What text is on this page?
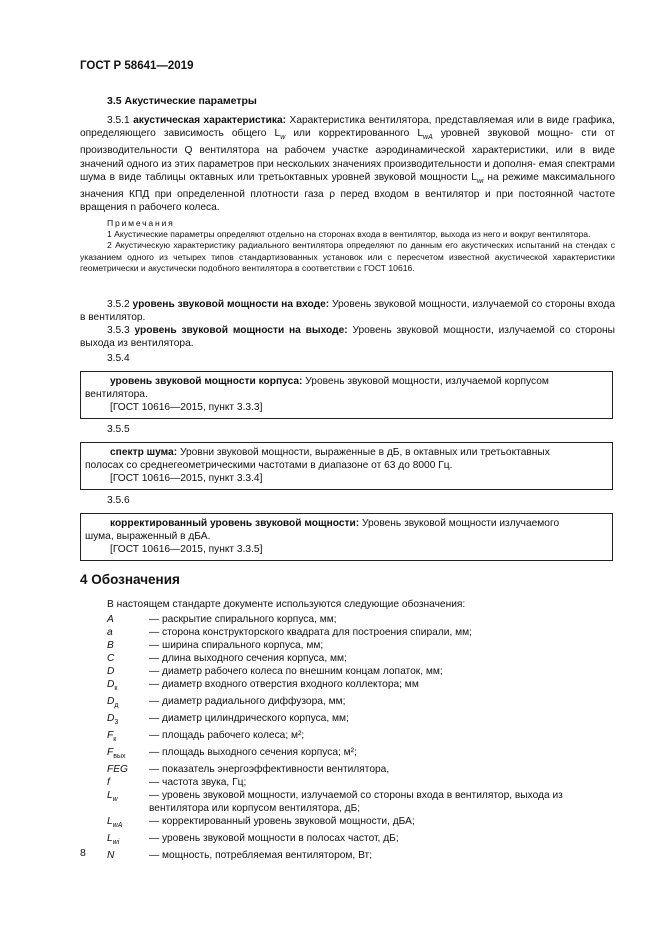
ГОСТ Р 58641—2019
3.5 Акустические параметры
3.5.1 акустическая характеристика: Характеристика вентилятора, представляемая или в виде графика, определяющего зависимость общего $L_w$ или корректированного $L_{wA}$ уровней звуковой мощно- сти от производительности Q вентилятора на рабочем участке аэродинамической характеристики, или в виде значений одного из этих параметров при нескольких значениях производительности и дополня- емая спектрами шума в виде таблицы октавных или третьоктавных уровней звуковой мощности $L_{wi}$ на режиме максимального значения КПД при определенной плотности газа ρ перед входом в вентилятор и при постоянной частоте вращения n рабочего колеса.
Примечания
1 Акустические параметры определяют отдельно на сторонах входа в вентилятор, выхода из него и вокруг вентилятора.
2 Акустическую характеристику радиального вентилятора определяют по данным его акустических испытаний на стендах с указанием одного из четырех типов стандартизованных установок или с пересчетом известной акустической характеристики геометрически и акустически подобного вентилятора в соответствии с ГОСТ 10616.
3.5.2 уровень звуковой мощности на входе: Уровень звуковой мощности, излучаемой со стороны входа в вентилятор.
3.5.3 уровень звуковой мощности на выходе: Уровень звуковой мощности, излучаемой со стороны выхода из вентилятора.
3.5.4
уровень звуковой мощности корпуса: Уровень звуковой мощности, излучаемой корпусом
вентилятора.
[ГОСТ 10616—2015, пункт 3.3.3]
3.5.5
спектр шума: Уровни звуковой мощности, выраженные в дБ, в октавных или третьоктавных
полосах со среднегеометрическими частотами в диапазоне от 63 до 8000 Гц.
[ГОСТ 10616—2015, пункт 3.3.4]
3.5.6
корректированный уровень звуковой мощности: Уровень звуковой мощности излучаемого
шума, выраженный в дБА.
[ГОСТ 10616—2015, пункт 3.3.5]
4 Обозначения
В настоящем стандарте документе используются следующие обозначения:
A	— раскрытие спирального корпуса, мм;
a	— сторона конструкторского квадрата для построения спирали, мм;
B	— ширина спирального корпуса, мм;
C	— длина выходного сечения корпуса, мм;
D	— диаметр рабочего колеса по внешним концам лопаток, мм;
$D_к$	— диаметр входного отверстия входного коллектора; мм
$D_д$	— диаметр радиального диффузора, мм;
$D_3$	— диаметр цилиндрического корпуса, мм;
$F_к$	— площадь рабочего колеса; м²;
$F_{вых}$	— площадь выходного сечения корпуса; м²;
FEG	— показатель энергоэффективности вентилятора,
f	— частота звука, Гц;
$L_w$	— уровень звуковой мощности, излучаемой со стороны входа в вентилятор, выхода из вентилятора или корпусом вентилятора, дБ;
$L_{wA}$	— корректированный уровень звуковой мощности, дБА;
$L_{wi}$	— уровень звуковой мощности в полосах частот, дБ;
N	— мощность, потребляемая вентилятором, Вт;
8
